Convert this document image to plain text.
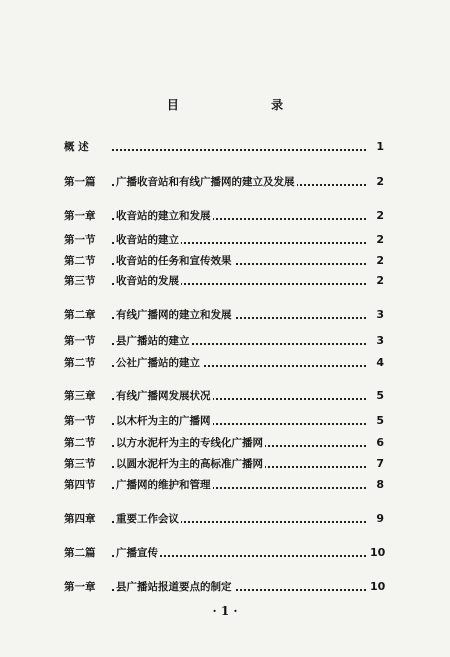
目 录
概 述	1
第一篇 广播收音站和有线广播网的建立及发展	2
第一章 收音站的建立和发展	2
第一节 收音站的建立	2
第二节 收音站的任务和宣传效果	2
第三节 收音站的发展	2
第二章 有线广播网的建立和发展	3
第一节 县广播站的建立	3
第二节 公社广播站的建立	4
第三章 有线广播网发展状况	5
第一节 以木杆为主的广播网	5
第二节 以方水泥杆为主的专线化广播网	6
第三节 以圆水泥杆为主的高标准广播网	7
第四节 广播网的维护和管理	8
第四章 重要工作会议	9
第二篇 广播宣传	10
第一章 县广播站报道要点的制定	10
· 1 ·
